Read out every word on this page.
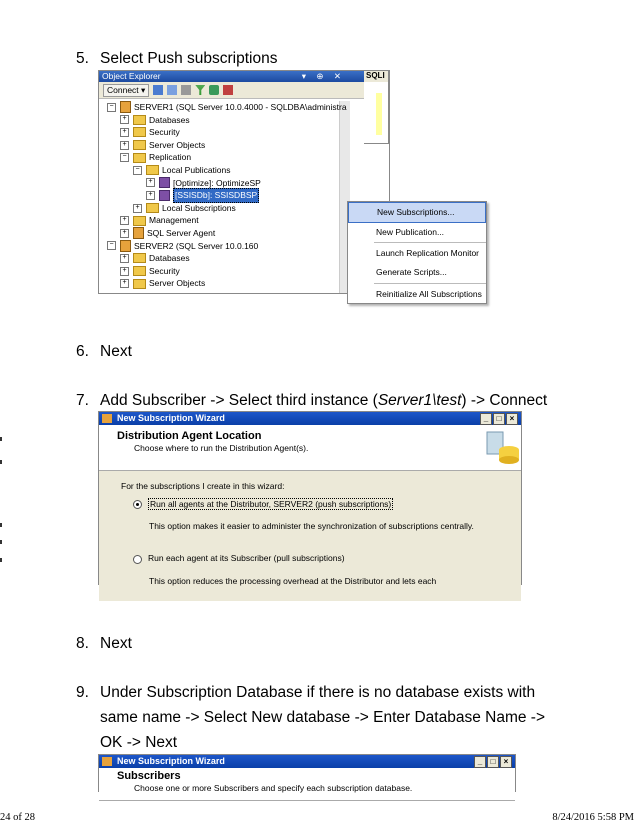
5. Select Push subscriptions
Object Explorer	▾ ⊕ ✕
Connect ▾
− SERVER1 (SQL Server 10.0.4000 - SQLDBA\administra
+	Databases
+	Security
+	Server Objects
−	Replication
−	Local Publications
+ [Optimize]: OptimizeSP
+	[SSISDb]: SSISDBSP
+	Local Subscriptions
+	Management
+ SQL Server Agent
− SERVER2 (SQL Server 10.0.160
+	Databases
+	Security
+	Server Objects
New Subscriptions...
New Publication...
Launch Replication Monitor
Generate Scripts...
Reinitialize All Subscriptions
SQLI
6. Next
7. Add Subscriber -> Select third instance (Server1\test) -> Connect
New Subscription Wizard	_	□	×
Distribution Agent Location
Choose where to run the Distribution Agent(s).
For the subscriptions I create in this wizard:
Run all agents at the Distributor, SERVER2 (push subscriptions)
This option makes it easier to administer the synchronization of subscriptions centrally.
Run each agent at its Subscriber (pull subscriptions)
This option reduces the processing overhead at the Distributor and lets each
8. Next
9. Under Subscription Database if there is no database exists with same name -> Select New database -> Enter Database Name -> OK -> Next
New Subscription Wizard	_	□	×
Subscribers
Choose one or more Subscribers and specify each subscription database.
24 of 28	8/24/2016 5:58 PM
